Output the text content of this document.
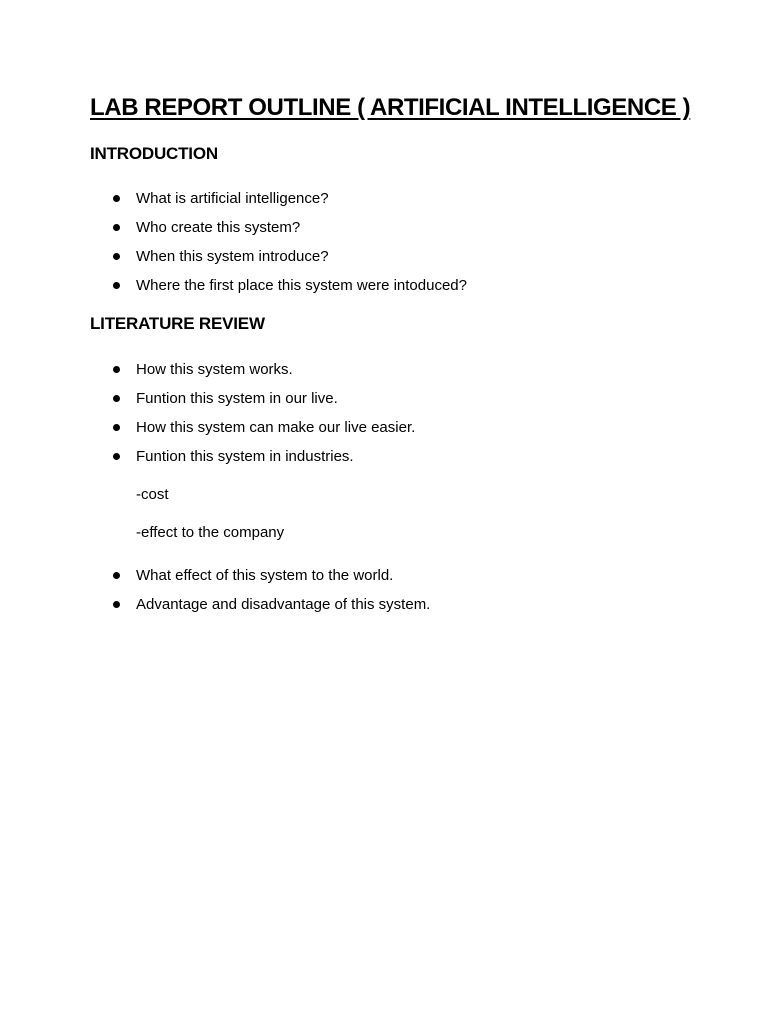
LAB REPORT OUTLINE ( ARTIFICIAL INTELLIGENCE )
INTRODUCTION
What is artificial intelligence?
Who create this system?
When this system introduce?
Where the first place this system were intoduced?
LITERATURE REVIEW
How this system works.
Funtion this system in our live.
How this system can make our live easier.
Funtion this system in industries.

-cost

-effect to the company

What effect of this system to the world.
Advantage and disadvantage of this system.
